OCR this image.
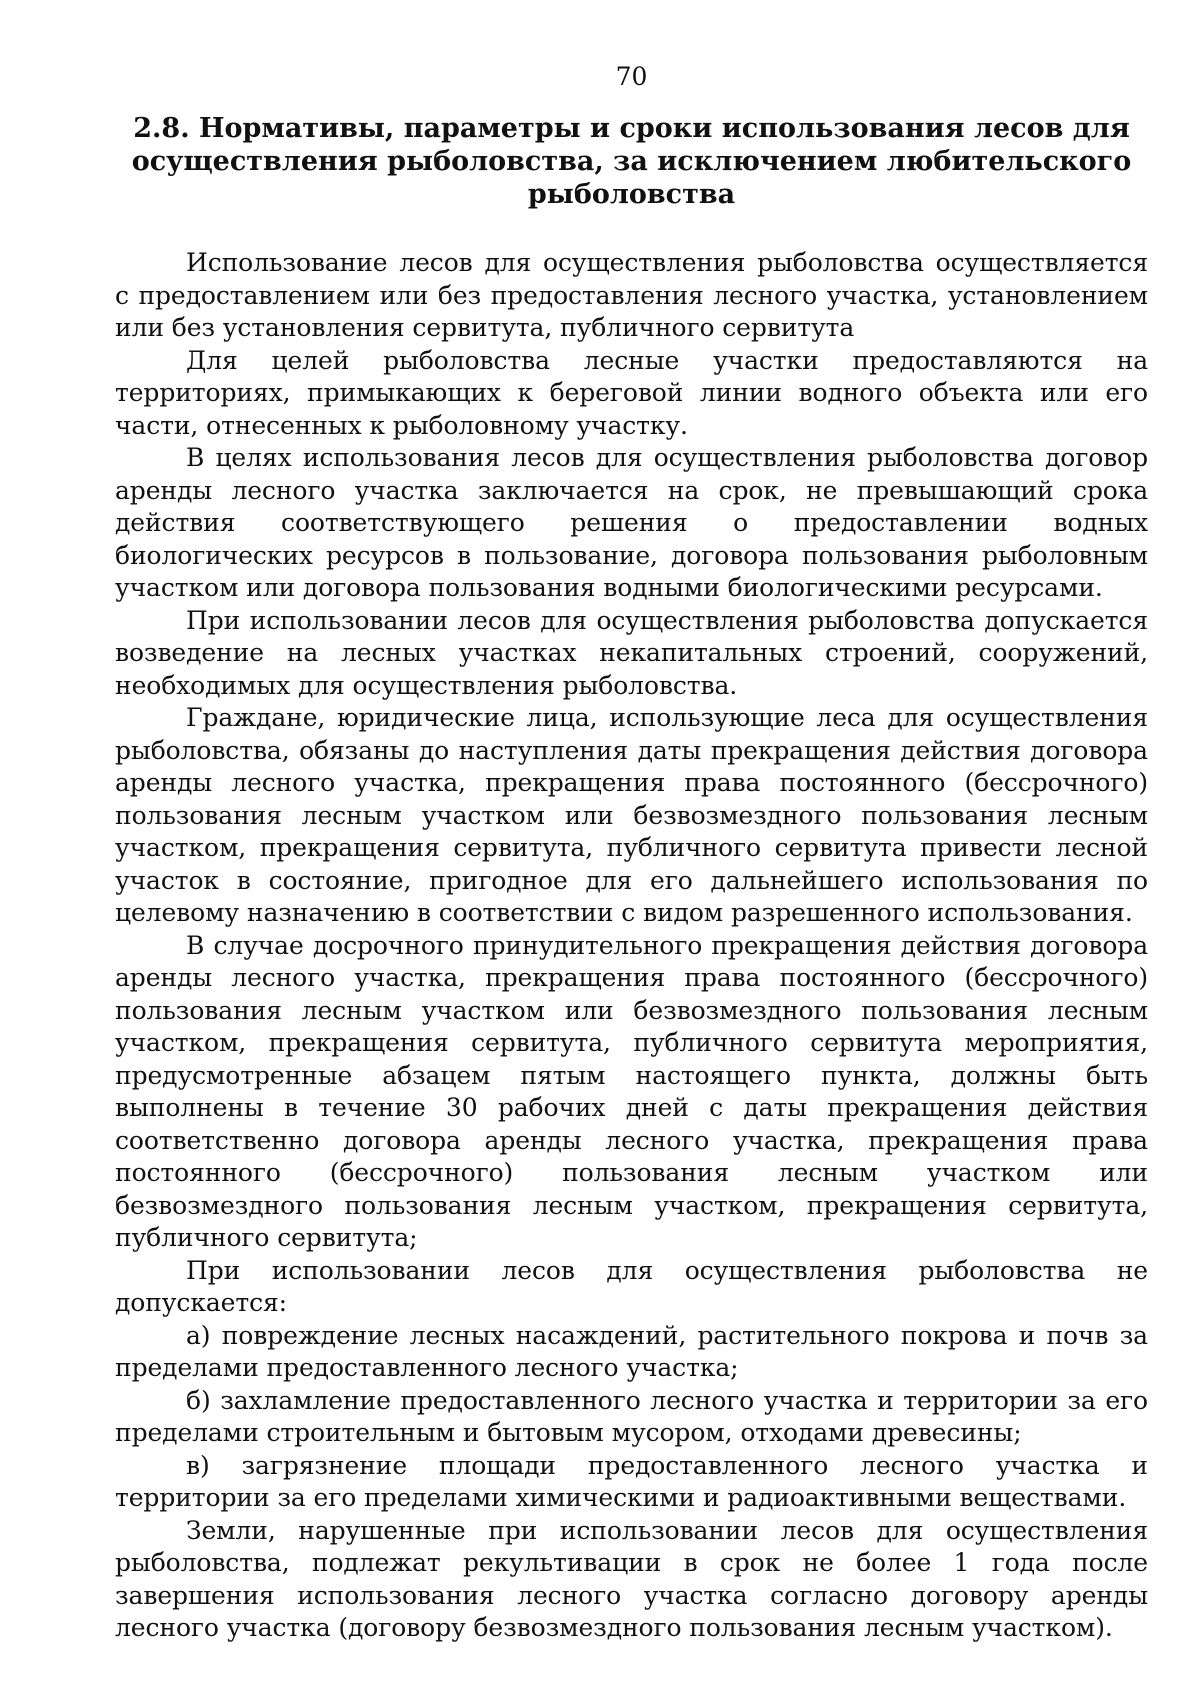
70
2.8. Нормативы, параметры и сроки использования лесов для осуществления рыболовства, за исключением любительского рыболовства

Использование лесов для осуществления рыболовства осуществляется с предоставлением или без предоставления лесного участка, установлением или без установления сервитута, публичного сервитута

Для целей рыболовства лесные участки предоставляются на территориях, примыкающих к береговой линии водного объекта или его части, отнесенных к рыболовному участку.

В целях использования лесов для осуществления рыболовства договор аренды лесного участка заключается на срок, не превышающий срока действия соответствующего решения о предоставлении водных биологических ресурсов в пользование, договора пользования рыболовным участком или договора пользования водными биологическими ресурсами.

При использовании лесов для осуществления рыболовства допускается возведение на лесных участках некапитальных строений, сооружений, необходимых для осуществления рыболовства.

Граждане, юридические лица, использующие леса для осуществления рыболовства, обязаны до наступления даты прекращения действия договора аренды лесного участка, прекращения права постоянного (бессрочного) пользования лесным участком или безвозмездного пользования лесным участком, прекращения сервитута, публичного сервитута привести лесной участок в состояние, пригодное для его дальнейшего использования по целевому назначению в соответствии с видом разрешенного использования.

В случае досрочного принудительного прекращения действия договора аренды лесного участка, прекращения права постоянного (бессрочного) пользования лесным участком или безвозмездного пользования лесным участком, прекращения сервитута, публичного сервитута мероприятия, предусмотренные абзацем пятым настоящего пункта, должны быть выполнены в течение 30 рабочих дней с даты прекращения действия соответственно договора аренды лесного участка, прекращения права постоянного (бессрочного) пользования лесным участком или безвозмездного пользования лесным участком, прекращения сервитута, публичного сервитута;

При использовании лесов для осуществления рыболовства не допускается:

а) повреждение лесных насаждений, растительного покрова и почв за пределами предоставленного лесного участка;

б) захламление предоставленного лесного участка и территории за его пределами строительным и бытовым мусором, отходами древесины;

в) загрязнение площади предоставленного лесного участка и территории за его пределами химическими и радиоактивными веществами.

Земли, нарушенные при использовании лесов для осуществления рыболовства, подлежат рекультивации в срок не более 1 года после завершения использования лесного участка согласно договору аренды лесного участка (договору безвозмездного пользования лесным участком).
